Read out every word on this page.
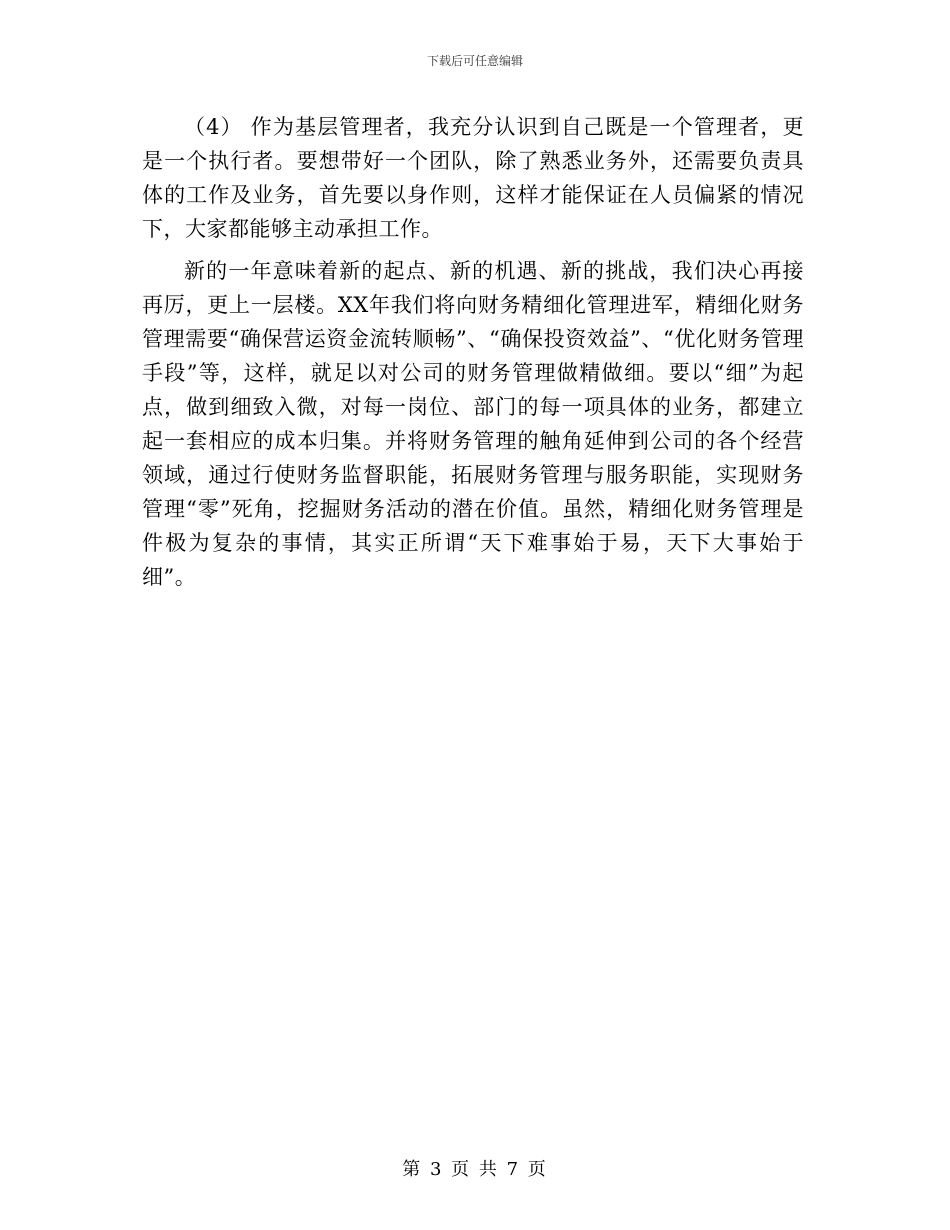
下载后可任意编辑

（4） 作为基层管理者，我充分认识到自己既是一个管理者，更是一个执行者。要想带好一个团队，除了熟悉业务外，还需要负责具体的工作及业务，首先要以身作则，这样才能保证在人员偏紧的情况下，大家都能够主动承担工作。

新的一年意味着新的起点、新的机遇、新的挑战，我们决心再接再厉，更上一层楼。XX年我们将向财务精细化管理进军，精细化财务管理需要“确保营运资金流转顺畅”、“确保投资效益”、“优化财务管理手段”等，这样，就足以对公司的财务管理做精做细。要以“细”为起点，做到细致入微，对每一岗位、部门的每一项具体的业务，都建立起一套相应的成本归集。并将财务管理的触角延伸到公司的各个经营领域，通过行使财务监督职能，拓展财务管理与服务职能，实现财务管理“零”死角，挖掘财务活动的潜在价值。虽然，精细化财务管理是件极为复杂的事情，其实正所谓“天下难事始于易，天下大事始于细”。

第 3 页 共 7 页
